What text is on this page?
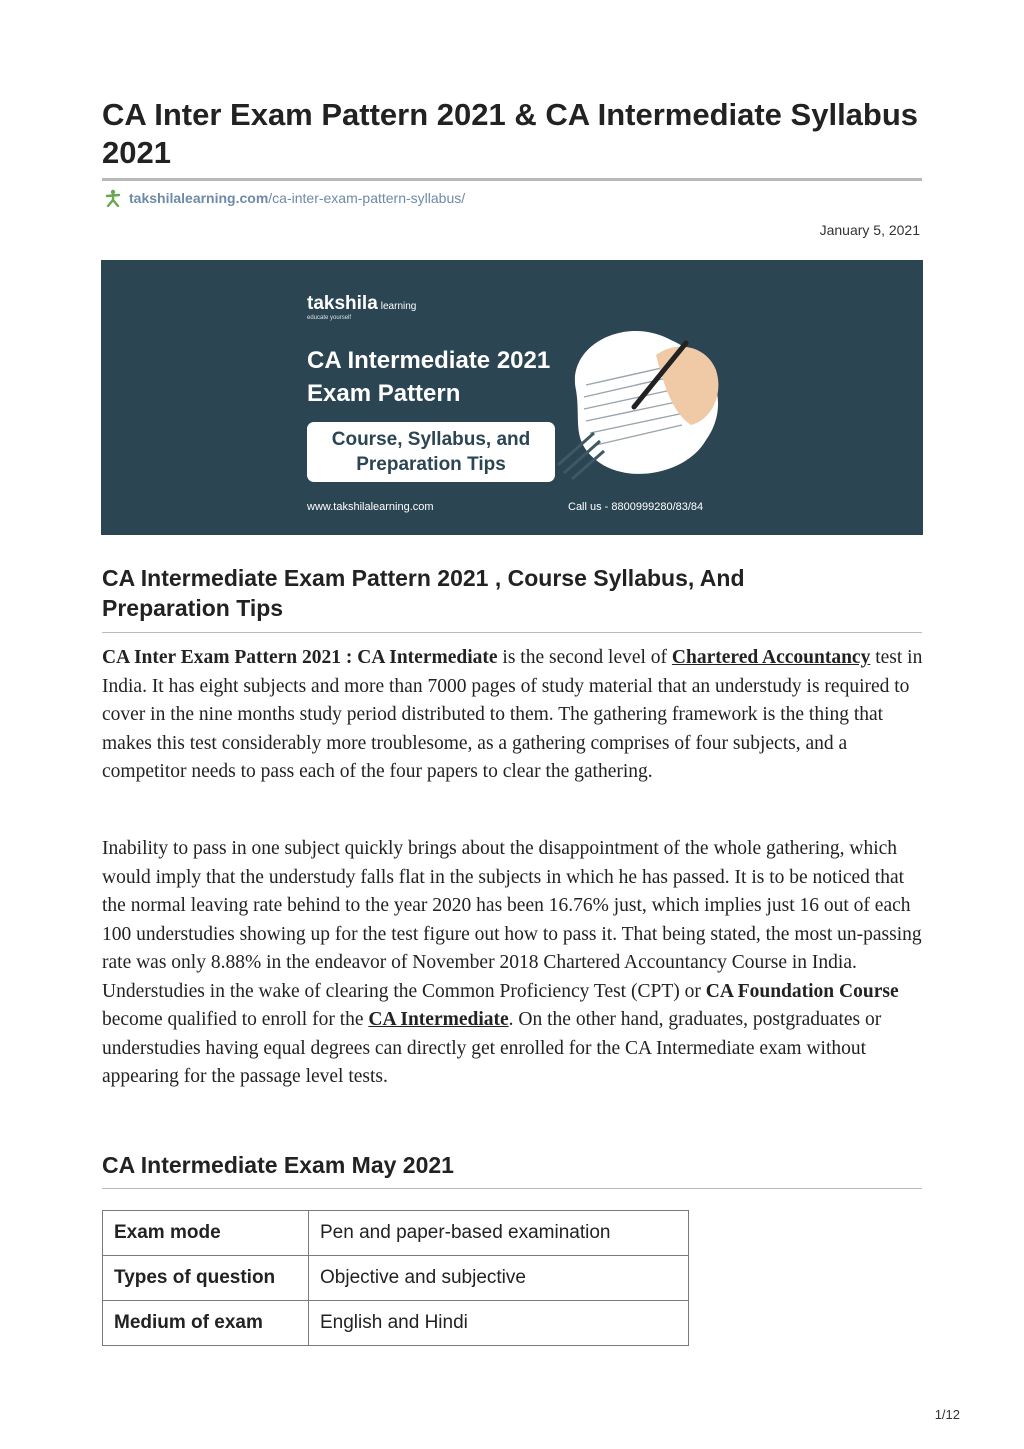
CA Inter Exam Pattern 2021 & CA Intermediate Syllabus 2021
takshilalearning.com /ca-inter-exam-pattern-syllabus/
January 5, 2021
takshila learning
educate yourself
CA Intermediate 2021 Exam Pattern
Course, Syllabus, and Preparation Tips
www.takshilalearning.com	Call us - 8800999280/83/84
CA Intermediate Exam Pattern 2021 , Course Syllabus, And Preparation Tips

CA Inter Exam Pattern 2021 : CA Intermediate is the second level of Chartered Accountancy test in India. It has eight subjects and more than 7000 pages of study material that an understudy is required to cover in the nine months study period distributed to them. The gathering framework is the thing that makes this test considerably more troublesome, as a gathering comprises of four subjects, and a competitor needs to pass each of the four papers to clear the gathering.

Inability to pass in one subject quickly brings about the disappointment of the whole gathering, which would imply that the understudy falls flat in the subjects in which he has passed. It is to be noticed that the normal leaving rate behind to the year 2020 has been 16.76% just, which implies just 16 out of each 100 understudies showing up for the test figure out how to pass it. That being stated, the most un-passing rate was only 8.88% in the endeavor of November 2018 Chartered Accountancy Course in India. Understudies in the wake of clearing the Common Proficiency Test (CPT) or CA Foundation Course become qualified to enroll for the CA Intermediate. On the other hand, graduates, postgraduates or understudies having equal degrees can directly get enrolled for the CA Intermediate exam without appearing for the passage level tests.

CA Intermediate Exam May 2021
Exam mode	Pen and paper-based examination
Types of question	Objective and subjective
Medium of exam	English and Hindi
1/12
